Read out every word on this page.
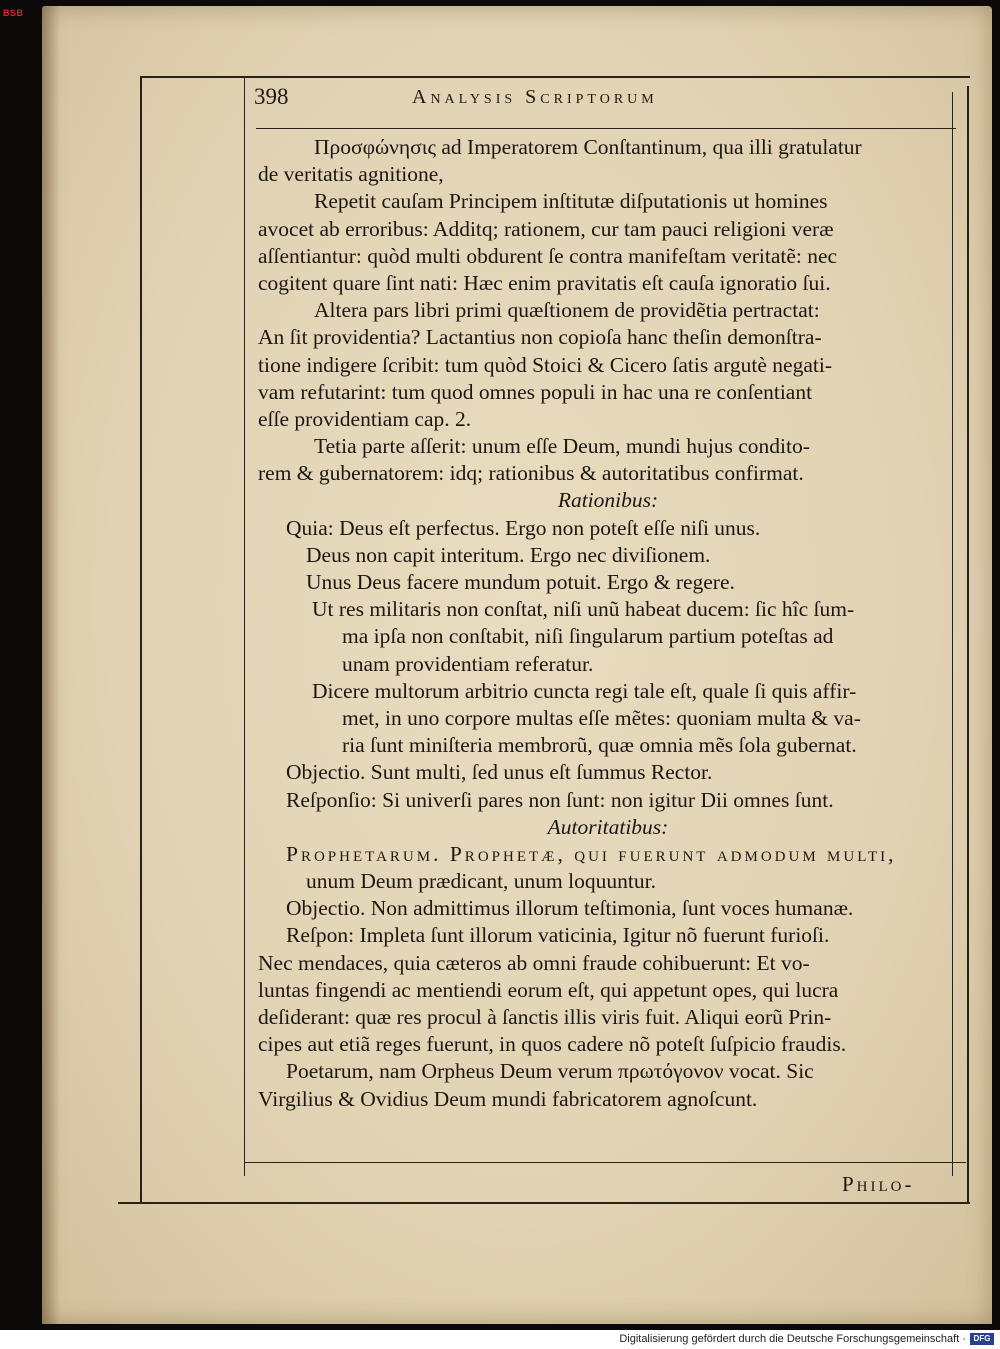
BSB
398	Analysis Scriptorum
Προσφώνησις ad Imperatorem Conſtantinum, qua illi gratulatur
de veritatis agnitione,
Repetit cauſam Principem inſtitutæ diſputationis ut homines
avocet ab erroribus: Additq; rationem, cur tam pauci religioni veræ
aſſentiantur: quòd multi obdurent ſe contra manifeſtam veritatẽ: nec
cogitent quare ſint nati: Hæc enim pravitatis eſt cauſa ignoratio ſui.
Altera pars libri primi quæſtionem de providẽtia pertractat:
An ſit providentia? Lactantius non copioſa hanc theſin demonſtra-
tione indigere ſcribit: tum quòd Stoici & Cicero ſatis argutè negati-
vam refutarint: tum quod omnes populi in hac una re conſentiant
eſſe providentiam cap. 2.
Tetia parte aſſerit: unum eſſe Deum, mundi hujus condito-
rem & gubernatorem: idq; rationibus & autoritatibus confirmat.
Rationibus:
Quia: Deus eſt perfectus. Ergo non poteſt eſſe niſi unus.
Deus non capit interitum. Ergo nec diviſionem.
Unus Deus facere mundum potuit. Ergo & regere.
Ut res militaris non conſtat, niſi unũ habeat ducem: ſic hîc ſum-
ma ipſa non conſtabit, niſi ſingularum partium poteſtas ad
unam providentiam referatur.
Dicere multorum arbitrio cuncta regi tale eſt, quale ſi quis affir-
met, in uno corpore multas eſſe mẽtes: quoniam multa & va-
ria ſunt miniſteria membrorũ, quæ omnia mẽs ſola gubernat.
Objectio. Sunt multi, ſed unus eſt ſummus Rector.
Reſponſio: Si univerſi pares non ſunt: non igitur Dii omnes ſunt.
Autoritatibus:
Prophetarum. Prophetæ, qui fuerunt admodum multi,
unum Deum prædicant, unum loquuntur.
Objectio. Non admittimus illorum teſtimonia, ſunt voces humanæ.
Reſpon: Impleta ſunt illorum vaticinia, Igitur nõ fuerunt furioſi.
Nec mendaces, quia cæteros ab omni fraude cohibuerunt: Et vo-
luntas fingendi ac mentiendi eorum eſt, qui appetunt opes, qui lucra
deſiderant: quæ res procul à ſanctis illis viris fuit. Aliqui eorũ Prin-
cipes aut etiã reges fuerunt, in quos cadere nõ poteſt ſuſpicio fraudis.
Poetarum, nam Orpheus Deum verum πρωτόγονον vocat. Sic
Virgilius & Ovidius Deum mundi fabricatorem agnoſcunt.
Philo-
Digitalisierung gefördert durch die Deutsche Forschungsgemeinschaft · DFG
